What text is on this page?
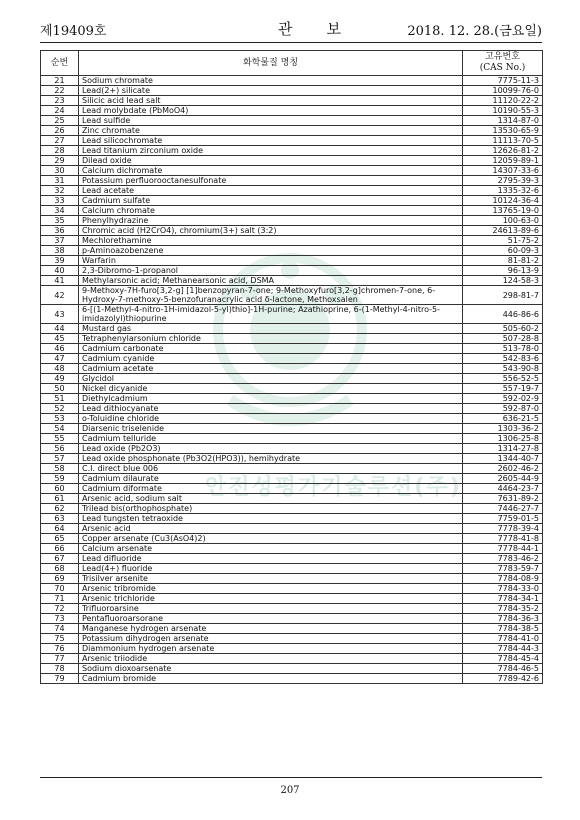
제19409호	관보 2018. 12. 28.(금요일)
안전성평가기술루션(주)
순번	화학물질 명칭	고유번호
(CAS No.)

21	Sodium chromate	7775-11-3
22	Lead(2+) silicate	10099-76-0
23	Silicic acid lead salt	11120-22-2
24	Lead molybdate (PbMoO4)	10190-55-3
25	Lead sulfide	1314-87-0
26	Zinc chromate	13530-65-9
27	Lead silicochromate	11113-70-5
28	Lead titanium zirconium oxide	12626-81-2
29	Dilead oxide	12059-89-1
30	Calcium dichromate	14307-33-6
31	Potassium perfluorooctanesulfonate	2795-39-3
32	Lead acetate	1335-32-6
33	Cadmium sulfate	10124-36-4
34	Calcium chromate	13765-19-0
35	Phenylhydrazine	100-63-0
36	Chromic acid (H2CrO4), chromium(3+) salt (3:2)	24613-89-6
37	Mechlorethamine	51-75-2
38	p-Aminoazobenzene	60-09-3
39	Warfarin	81-81-2
40	2,3-Dibromo-1-propanol	96-13-9
41	Methylarsonic acid; Methanearsonic acid, DSMA	124-58-3
42	9-Methoxy-7H-furo[3,2-g] [1]benzopyran-7-one; 9-Methoxyfuro[3,2-g]chromen-7-one, 6-Hydroxy-7-methoxy-5-benzofuranacrylic acid δ-lactone, Methoxsalen	298-81-7
43	6-[(1-Methyl-4-nitro-1H-imidazol-5-yl)thio]-1H-purine; Azathioprine, 6-(1-Methyl-4-nitro-5-imidazolyl)thiopurine	446-86-6
44	Mustard gas	505-60-2
45	Tetraphenylarsonium chloride	507-28-8
46	Cadmium carbonate	513-78-0
47	Cadmium cyanide	542-83-6
48	Cadmium acetate	543-90-8
49	Glycidol	556-52-5
50	Nickel dicyanide	557-19-7
51	Diethylcadmium	592-02-9
52	Lead dithiocyanate	592-87-0
53	o-Toluidine chloride	636-21-5
54	Diarsenic triselenide	1303-36-2
55	Cadmium telluride	1306-25-8
56	Lead oxide (Pb2O3)	1314-27-8
57	Lead oxide phosphonate (Pb3O2(HPO3)), hemihydrate	1344-40-7
58	C.I. direct blue 006	2602-46-2
59	Cadmium dilaurate	2605-44-9
60	Cadmium diformate	4464-23-7
61	Arsenic acid, sodium salt	7631-89-2
62	Trilead bis(orthophosphate)	7446-27-7
63	Lead tungsten tetraoxide	7759-01-5
64	Arsenic acid	7778-39-4
65	Copper arsenate (Cu3(AsO4)2)	7778-41-8
66	Calcium arsenate	7778-44-1
67	Lead difluoride	7783-46-2
68	Lead(4+) fluoride	7783-59-7
69	Trisilver arsenite	7784-08-9
70	Arsenic tribromide	7784-33-0
71	Arsenic trichloride	7784-34-1
72	Trifluoroarsine	7784-35-2
73	Pentafluoroarsorane	7784-36-3
74	Manganese hydrogen arsenate	7784-38-5
75	Potassium dihydrogen arsenate	7784-41-0
76	Diammonium hydrogen arsenate	7784-44-3
77	Arsenic triiodide	7784-45-4
78	Sodium dioxoarsenate	7784-46-5
79	Cadmium bromide	7789-42-6
207
